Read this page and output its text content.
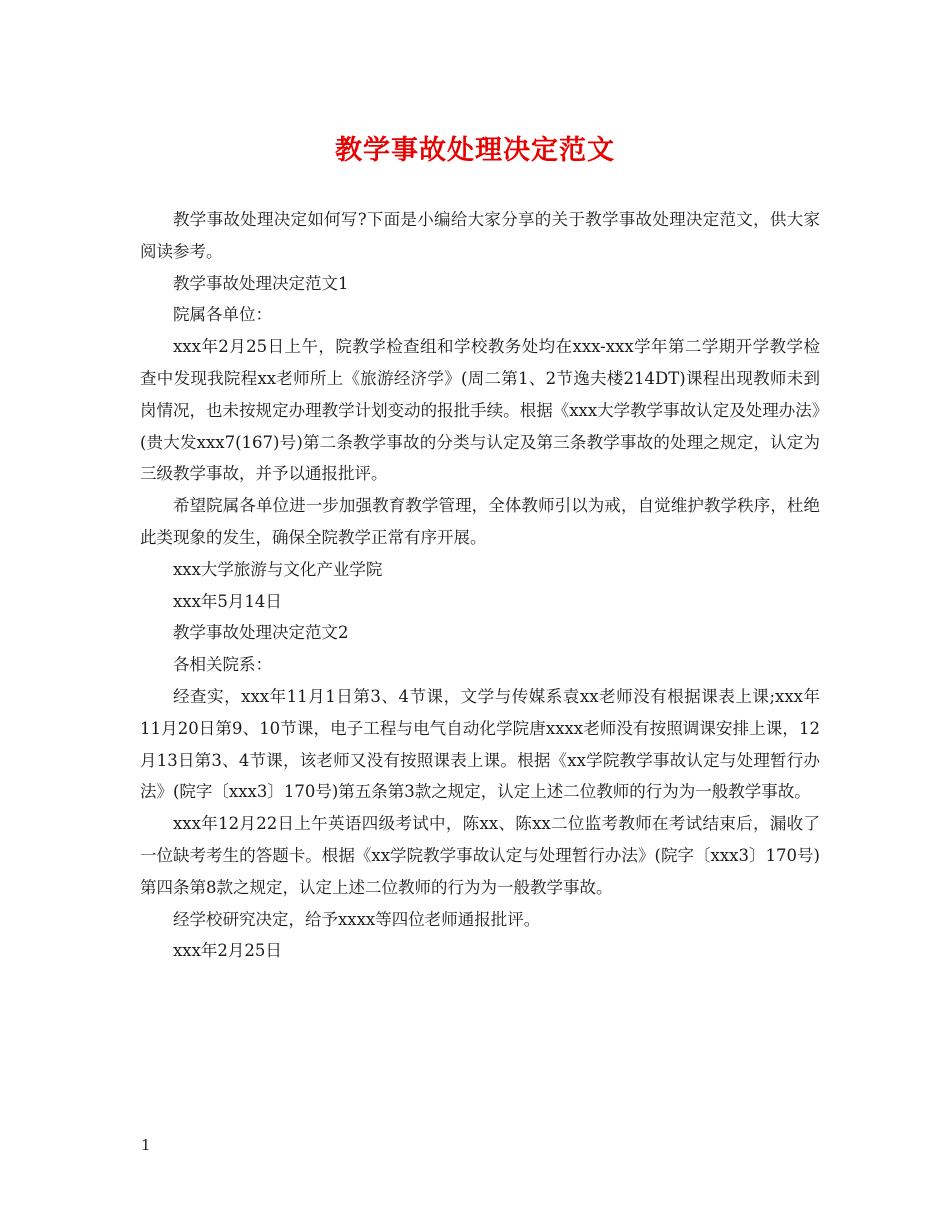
教学事故处理决定范文

教学事故处理决定如何写?下面是小编给大家分享的关于教学事故处理决定范文，供大家阅读参考。

教学事故处理决定范文1

院属各单位：

xxx年2月25日上午，院教学检查组和学校教务处均在xxx-xxx学年第二学期开学教学检查中发现我院程xx老师所上《旅游经济学》(周二第1、2节逸夫楼214DT)课程出现教师未到岗情况，也未按规定办理教学计划变动的报批手续。根据《xxx大学教学事故认定及处理办法》(贵大发xxx7(167)号)第二条教学事故的分类与认定及第三条教学事故的处理之规定，认定为三级教学事故，并予以通报批评。

希望院属各单位进一步加强教育教学管理，全体教师引以为戒，自觉维护教学秩序，杜绝此类现象的发生，确保全院教学正常有序开展。

xxx大学旅游与文化产业学院

xxx年5月14日

教学事故处理决定范文2

各相关院系：

经查实，xxx年11月1日第3、4节课，文学与传媒系袁xx老师没有根据课表上课;xxx年11月20日第9、10节课，电子工程与电气自动化学院唐xxxx老师没有按照调课安排上课，12月13日第3、4节课，该老师又没有按照课表上课。根据《xx学院教学事故认定与处理暂行办法》(院字〔xxx3〕170号)第五条第3款之规定，认定上述二位教师的行为为一般教学事故。

xxx年12月22日上午英语四级考试中，陈xx、陈xx二位监考教师在考试结束后，漏收了一位缺考考生的答题卡。根据《xx学院教学事故认定与处理暂行办法》(院字〔xxx3〕170号)第四条第8款之规定，认定上述二位教师的行为为一般教学事故。

经学校研究决定，给予xxxx等四位老师通报批评。

xxx年2月25日

1
